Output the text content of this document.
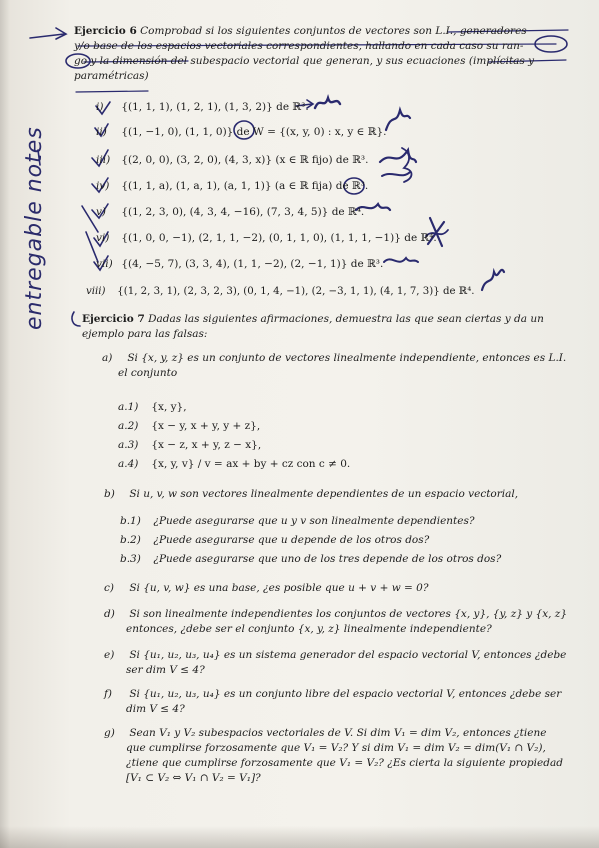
entregable notes
Ejercicio 6 Comprobad si los siguientes conjuntos de vectores son L.I., generadores
y/o base de los espacios vectoriales correspondientes, hallando en cada caso su ran-
go y la dimensión del subespacio vectorial que generan, y sus ecuaciones (implícitas y
paramétricas)
i) {(1, 1, 1), (1, 2, 1), (1, 3, 2)} de ℝ³.
ii) {(1, −1, 0), (1, 1, 0)} de W = {(x, y, 0) : x, y ∈ ℝ}.
iii) {(2, 0, 0), (3, 2, 0), (4, 3, x)} (x ∈ ℝ fijo) de ℝ³.
iv) {(1, 1, a), (1, a, 1), (a, 1, 1)} (a ∈ ℝ fija) de ℝ³.
v) {(1, 2, 3, 0), (4, 3, 4, −16), (7, 3, 4, 5)} de ℝ⁴.
vi) {(1, 0, 0, −1), (2, 1, 1, −2), (0, 1, 1, 0), (1, 1, 1, −1)} de ℝ⁴.
vii) {(4, −5, 7), (3, 3, 4), (1, 1, −2), (2, −1, 1)} de ℝ³.
viii) {(1, 2, 3, 1), (2, 3, 2, 3), (0, 1, 4, −1), (2, −3, 1, 1), (4, 1, 7, 3)} de ℝ⁴.
Ejercicio 7 Dadas las siguientes afirmaciones, demuestra las que sean ciertas y da un
ejemplo para las falsas:
a) Si {x, y, z} es un conjunto de vectores linealmente independiente, entonces es L.I.
el conjunto
a.1) {x, y},
a.2) {x − y, x + y, y + z},
a.3) {x − z, x + y, z − x},
a.4) {x, y, v} / v = ax + by + cz con c ≠ 0.
b) Si u, v, w son vectores linealmente dependientes de un espacio vectorial,
b.1) ¿Puede asegurarse que u y v son linealmente dependientes?
b.2) ¿Puede asegurarse que u depende de los otros dos?
b.3) ¿Puede asegurarse que uno de los tres depende de los otros dos?
c) Si {u, v, w} es una base, ¿es posible que u + v + w = 0?
d) Si son linealmente independientes los conjuntos de vectores {x, y}, {y, z} y {x, z}
entonces, ¿debe ser el conjunto {x, y, z} linealmente independiente?
e) Si {u₁, u₂, u₃, u₄} es un sistema generador del espacio vectorial V, entonces ¿debe
ser dim V ≤ 4?
f) Si {u₁, u₂, u₃, u₄} es un conjunto libre del espacio vectorial V, entonces ¿debe ser
dim V ≤ 4?
g) Sean V₁ y V₂ subespacios vectoriales de V. Si dim V₁ = dim V₂, entonces ¿tiene
que cumplirse forzosamente que V₁ = V₂? Y si dim V₁ = dim V₂ = dim(V₁ ∩ V₂),
¿tiene que cumplirse forzosamente que V₁ = V₂? ¿Es cierta la siguiente propiedad
[V₁ ⊂ V₂ ⇔ V₁ ∩ V₂ = V₁]?
